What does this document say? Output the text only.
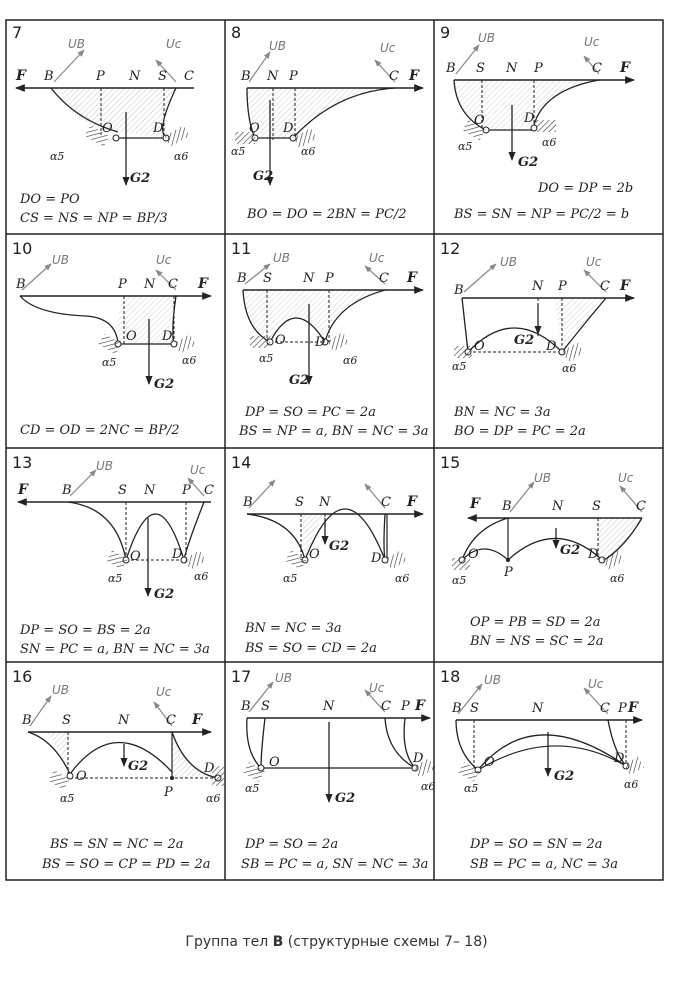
7
F
G2
UB	Uc
B	P N S C
O	D
α5	α6
DO = PO
CS = NS = NP = BP/3
8
F
G2
UB	Uc
B N P	C
O D
α5	α6
BO = DO = 2BN = PC/2
9
F
G2
UB	Uc
B S N P	C
O	D
α5	α6
DO = DP = 2b
BS = SN = NP = PC/2 = b
10
F
G2
UB	Uc
B	P N C
O D
α5	α6
CD = OD = 2NC = BP/2
11
F
G2
UB	Uc
B S N P	C
O D
α5	α6
DP = SO = PC = 2a
BS = NP = a, BN = NC = 3a
12
F
G2
UB	Uc
B	N P	C
O	D
α5	α6
BN = NC = 3a
BO = DP = PC = 2a
13
F
G2
UB	Uc
B	S N P C
O D
α5	α6
DP = SO = BS = 2a
SN = PC = a, BN = NC = 3a
14
F
G2
B	S N	C
O	D
α5	α6
BN = NC = 3a
BS = SO = CD = 2a
15
F
G2
UB	Uc
B	N S	C
O
P
D
α5	α6
OP = PB = SD = 2a
BN = NS = SC = 2a
16
F
G2
UB	Uc
B S	N	C
O
P
D
α5	α6
BS = SN = NC = 2a
BS = SO = CP = PD = 2a
17
F
G2
UB
Uc
B S	N	C P
O	D
α5	α6
DP = SO = 2a
SB = PC = a, SN = NC = 3a
18
F
G2
UB	Uc
B S	N	C P
O	D
α5	α6
DP = SO = SN = 2a
SB = PC = a, NC = 3a
Группа тел B (структурные схемы 7– 18)
